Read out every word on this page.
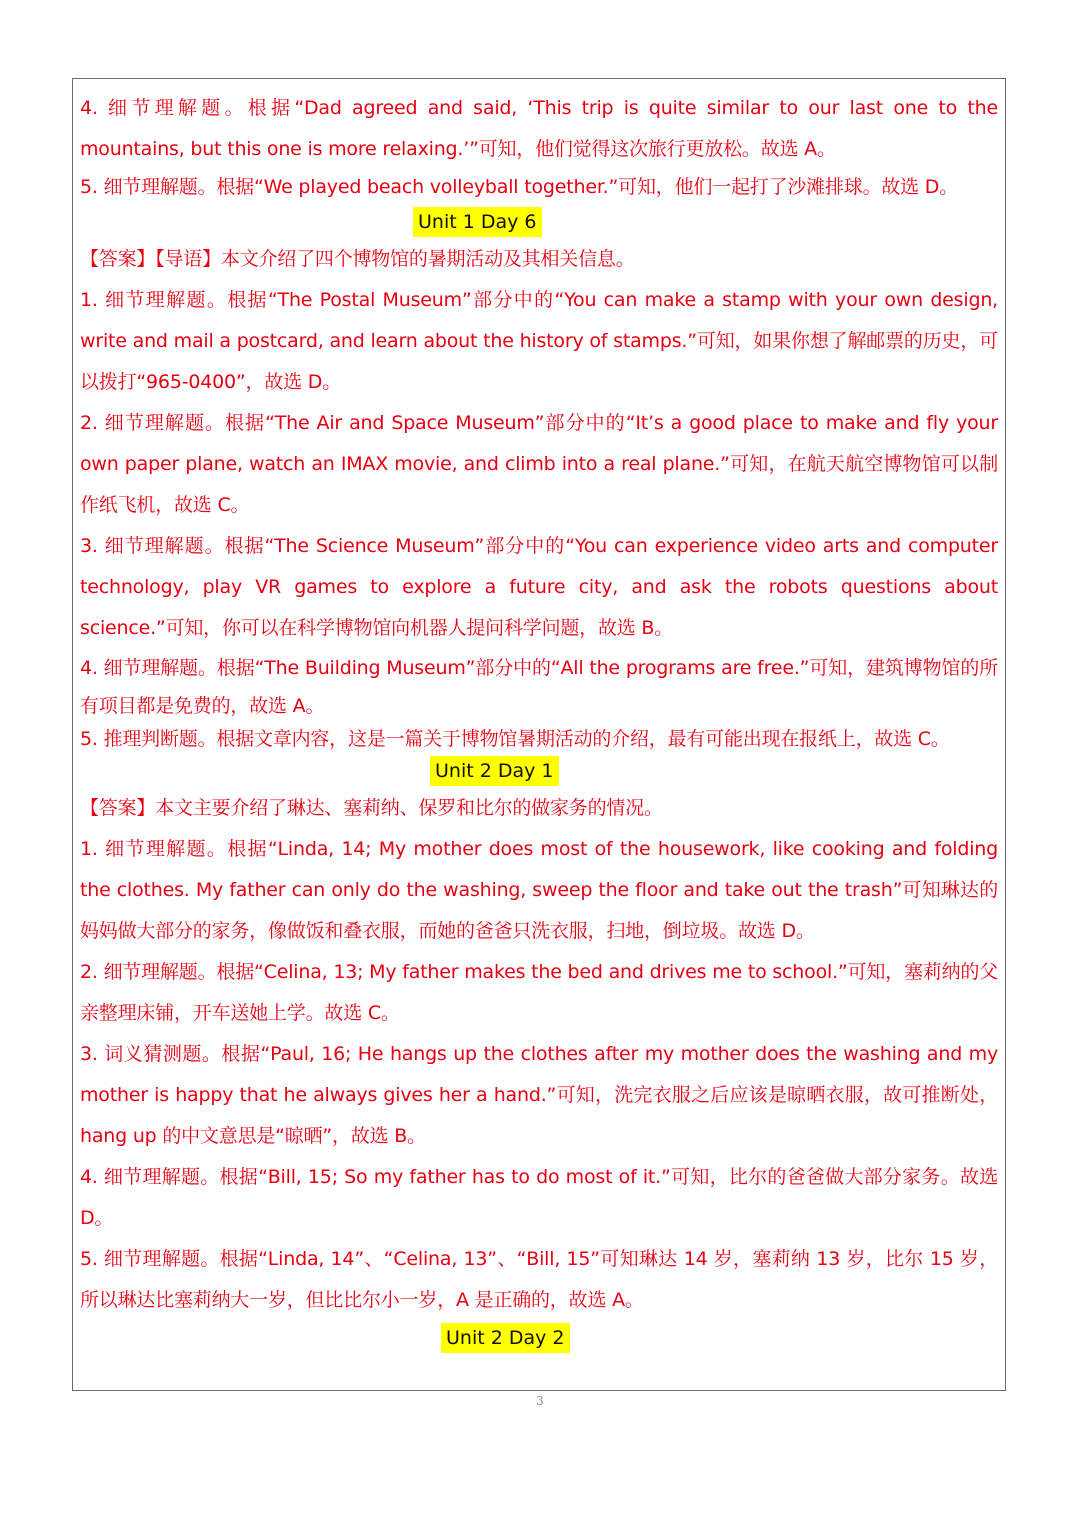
4. 细节理解题。根据“Dad agreed and said, ‘This trip is quite similar to our last one to the mountains, but this one is more relaxing.’”可知，他们觉得这次旅行更放松。故选 A。

5. 细节理解题。根据“We played beach volleyball together.”可知，他们一起打了沙滩排球。故选 D。

Unit 1 Day 6

【答案】【导语】本文介绍了四个博物馆的暑期活动及其相关信息。

1. 细节理解题。根据“The Postal Museum”部分中的“You can make a stamp with your own design, write and mail a postcard, and learn about the history of stamps.”可知，如果你想了解邮票的历史，可以拨打“965-0400”，故选 D。

2. 细节理解题。根据“The Air and Space Museum”部分中的“It’s a good place to make and fly your own paper plane, watch an IMAX movie, and climb into a real plane.”可知，在航天航空博物馆可以制作纸飞机，故选 C。

3. 细节理解题。根据“The Science Museum”部分中的“You can experience video arts and computer technology, play VR games to explore a future city, and ask the robots questions about science.”可知，你可以在科学博物馆向机器人提问科学问题，故选 B。

4. 细节理解题。根据“The Building Museum”部分中的“All the programs are free.”可知，建筑博物馆的所有项目都是免费的，故选 A。

5. 推理判断题。根据文章内容，这是一篇关于博物馆暑期活动的介绍，最有可能出现在报纸上，故选 C。

Unit 2 Day 1

【答案】本文主要介绍了琳达、塞莉纳、保罗和比尔的做家务的情况。

1. 细节理解题。根据“Linda, 14; My mother does most of the housework, like cooking and folding the clothes. My father can only do the washing, sweep the floor and take out the trash”可知琳达的妈妈做大部分的家务，像做饭和叠衣服，而她的爸爸只洗衣服，扫地，倒垃圾。故选 D。

2. 细节理解题。根据“Celina, 13; My father makes the bed and drives me to school.”可知，塞莉纳的父亲整理床铺，开车送她上学。故选 C。

3. 词义猜测题。根据“Paul, 16; He hangs up the clothes after my mother does the washing and my mother is happy that he always gives her a hand.”可知，洗完衣服之后应该是晾晒衣服，故可推断处，hang up 的中文意思是“晾晒”，故选 B。

4. 细节理解题。根据“Bill, 15; So my father has to do most of it.”可知，比尔的爸爸做大部分家务。故选 D。

5. 细节理解题。根据“Linda, 14”、“Celina, 13”、“Bill, 15”可知琳达 14 岁，塞莉纳 13 岁，比尔 15 岁，所以琳达比塞莉纳大一岁，但比比尔小一岁，A 是正确的，故选 A。

Unit 2 Day 2
3
